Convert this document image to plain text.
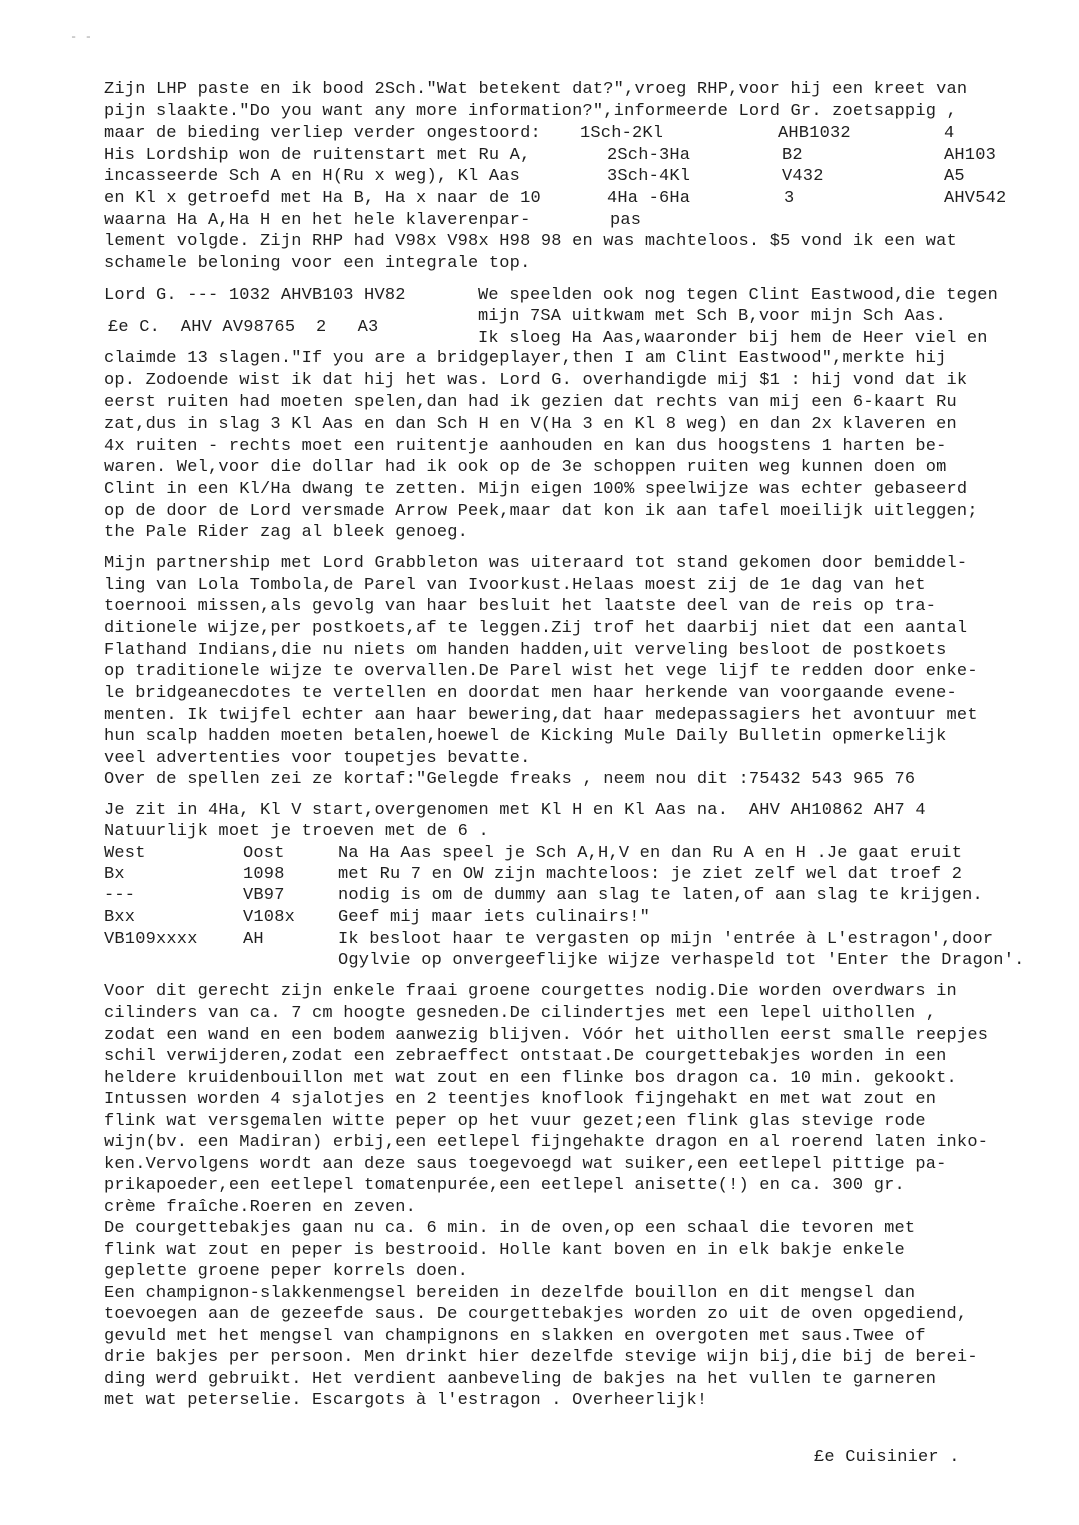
- -
Zijn LHP paste en ik bood 2Sch."Wat betekent dat?",vroeg RHP,voor hij een kreet van
pijn slaakte."Do you want any more information?",informeerde Lord Gr. zoetsappig ,
maar de bieding verliep verder ongestoord:
His Lordship won de ruitenstart met Ru A,
incasseerde Sch A en H(Ru x weg), Kl Aas
en Kl x getroefd met Ha B, Ha x naar de 10
waarna Ha A,Ha H en het hele klaverenpar-
1Sch-2Kl
2Sch-3Ha
3Sch-4Kl
4Ha -6Ha
pas
AHB1032
B2
V432
3
4
AH103
A5
AHV542
lement volgde. Zijn RHP had V98x V98x H98 98 en was machteloos. $5 vond ik een wat
schamele beloning voor een integrale top.
Lord G. --- 1032 AHVB103 HV82
£e C.  AHV AV98765  2   A3
We speelden ook nog tegen Clint Eastwood,die tegen
mijn 7SA uitkwam met Sch B,voor mijn Sch Aas.
Ik sloeg Ha Aas,waaronder bij hem de Heer viel en
claimde 13 slagen."If you are a bridgeplayer,then I am Clint Eastwood",merkte hij
op. Zodoende wist ik dat hij het was. Lord G. overhandigde mij $1 : hij vond dat ik
eerst ruiten had moeten spelen,dan had ik gezien dat rechts van mij een 6-kaart Ru
zat,dus in slag 3 Kl Aas en dan Sch H en V(Ha 3 en Kl 8 weg) en dan 2x klaveren en
4x ruiten - rechts moet een ruitentje aanhouden en kan dus hoogstens 1 harten be-
waren. Wel,voor die dollar had ik ook op de 3e schoppen ruiten weg kunnen doen om
Clint in een Kl/Ha dwang te zetten. Mijn eigen 100% speelwijze was echter gebaseerd
op de door de Lord versmade Arrow Peek,maar dat kon ik aan tafel moeilijk uitleggen;
the Pale Rider zag al bleek genoeg.
Mijn partnership met Lord Grabbleton was uiteraard tot stand gekomen door bemiddel-
ling van Lola Tombola,de Parel van Ivoorkust.Helaas moest zij de 1e dag van het
toernooi missen,als gevolg van haar besluit het laatste deel van de reis op tra-
ditionele wijze,per postkoets,af te leggen.Zij trof het daarbij niet dat een aantal
Flathand Indians,die nu niets om handen hadden,uit verveling besloot de postkoets
op traditionele wijze te overvallen.De Parel wist het vege lijf te redden door enke-
le bridgeanecdotes te vertellen en doordat men haar herkende van voorgaande evene-
menten. Ik twijfel echter aan haar bewering,dat haar medepassagiers het avontuur met
hun scalp hadden moeten betalen,hoewel de Kicking Mule Daily Bulletin opmerkelijk
veel advertenties voor toupetjes bevatte.
Over de spellen zei ze kortaf:"Gelegde freaks , neem nou dit :75432 543 965 76
Je zit in 4Ha, Kl V start,overgenomen met Kl H en Kl Aas na.  AHV AH10862 AH7 4
Natuurlijk moet je troeven met de 6 .
West
Bx
---
Bxx
VB109xxxx
Oost
1098
VB97
V108x
AH
Na Ha Aas speel je Sch A,H,V en dan Ru A en H .Je gaat eruit
met Ru 7 en OW zijn machteloos: je ziet zelf wel dat troef 2
nodig is om de dummy aan slag te laten,of aan slag te krijgen.
Geef mij maar iets culinairs!"
Ik besloot haar te vergasten op mijn 'entrée à L'estragon',door
Ogylvie op onvergeeflijke wijze verhaspeld tot 'Enter the Dragon'.
Voor dit gerecht zijn enkele fraai groene courgettes nodig.Die worden overdwars in
cilinders van ca. 7 cm hoogte gesneden.De cilindertjes met een lepel uithollen ,
zodat een wand en een bodem aanwezig blijven. Vóór het uithollen eerst smalle reepjes
schil verwijderen,zodat een zebraeffect ontstaat.De courgettebakjes worden in een
heldere kruidenbouillon met wat zout en een flinke bos dragon ca. 10 min. gekookt.
Intussen worden 4 sjalotjes en 2 teentjes knoflook fijngehakt en met wat zout en
flink wat versgemalen witte peper op het vuur gezet;een flink glas stevige rode
wijn(bv. een Madiran) erbij,een eetlepel fijngehakte dragon en al roerend laten inko-
ken.Vervolgens wordt aan deze saus toegevoegd wat suiker,een eetlepel pittige pa-
prikapoeder,een eetlepel tomatenpurée,een eetlepel anisette(!) en ca. 300 gr.
crème fraîche.Roeren en zeven.
De courgettebakjes gaan nu ca. 6 min. in de oven,op een schaal die tevoren met
flink wat zout en peper is bestrooid. Holle kant boven en in elk bakje enkele
geplette groene peper korrels doen.
Een champignon-slakkenmengsel bereiden in dezelfde bouillon en dit mengsel dan
toevoegen aan de gezeefde saus. De courgettebakjes worden zo uit de oven opgediend,
gevuld met het mengsel van champignons en slakken en overgoten met saus.Twee of
drie bakjes per persoon. Men drinkt hier dezelfde stevige wijn bij,die bij de berei-
ding werd gebruikt. Het verdient aanbeveling de bakjes na het vullen te garneren
met wat peterselie. Escargots à l'estragon . Overheerlijk!
£e Cuisinier .
